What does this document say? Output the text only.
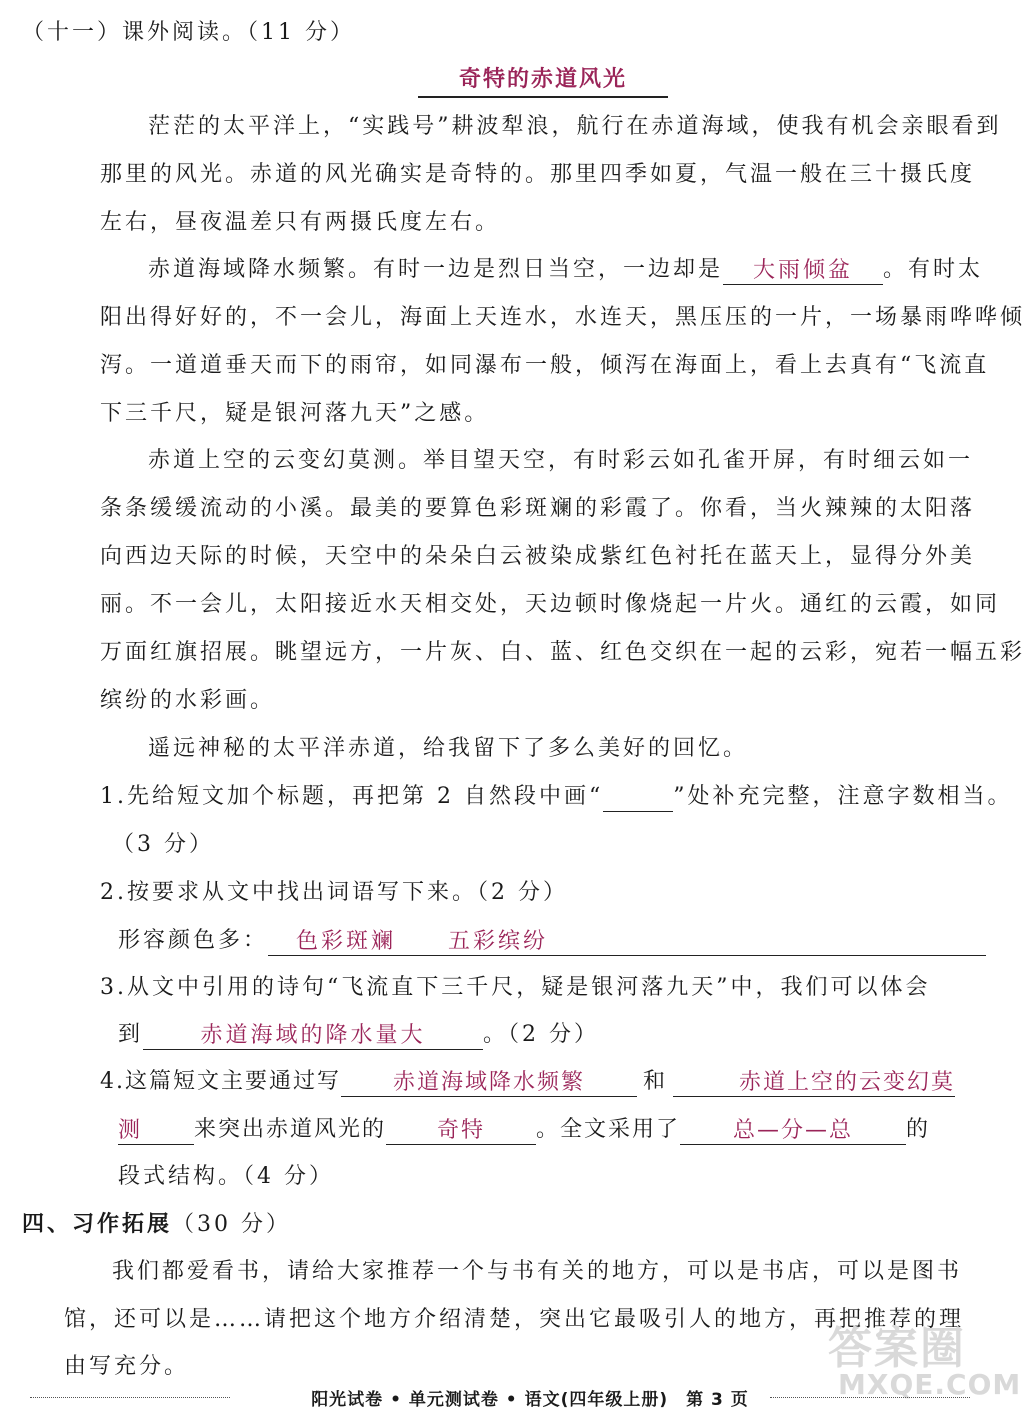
（十一）课外阅读。（11 分）
奇特的赤道风光
茫茫的太平洋上，“实践号”耕波犁浪，航行在赤道海域，使我有机会亲眼看到
那里的风光。赤道的风光确实是奇特的。那里四季如夏，气温一般在三十摄氏度
左右，昼夜温差只有两摄氏度左右。
赤道海域降水频繁。有时一边是烈日当空，一边却是 大雨倾盆 。有时太
阳出得好好的，不一会儿，海面上天连水，水连天，黑压压的一片，一场暴雨哗哗倾
泻。一道道垂天而下的雨帘，如同瀑布一般，倾泻在海面上，看上去真有“飞流直
下三千尺，疑是银河落九天”之感。
赤道上空的云变幻莫测。举目望天空，有时彩云如孔雀开屏，有时细云如一
条条缓缓流动的小溪。最美的要算色彩斑斓的彩霞了。你看，当火辣辣的太阳落
向西边天际的时候，天空中的朵朵白云被染成紫红色衬托在蓝天上，显得分外美
丽。不一会儿，太阳接近水天相交处，天边顿时像烧起一片火。通红的云霞，如同
万面红旗招展。眺望远方，一片灰、白、蓝、红色交织在一起的云彩，宛若一幅五彩
缤纷的水彩画。
遥远神秘的太平洋赤道，给我留下了多么美好的回忆。
1.先给短文加个标题，再把第 2 自然段中画“	”处补充完整，注意字数相当。
（3 分）
2.按要求从文中找出词语写下来。（2 分）
形容颜色多： 色彩斑斓 五彩缤纷
3.从文中引用的诗句“飞流直下三千尺，疑是银河落九天”中，我们可以体会
到	赤道海域的降水量大	。（2 分）
4.这篇短文主要通过写 赤道海域降水频繁	和	赤道上空的云变幻莫
测 来突出赤道风光的 奇特 。全文采用了 总—分—总 的
段式结构。（4 分）
四、习作拓展（30 分）
我们都爱看书，请给大家推荐一个与书有关的地方，可以是书店，可以是图书
馆，还可以是……请把这个地方介绍清楚，突出它最吸引人的地方，再把推荐的理
由写充分。	答案圈
MXQE.COM
阳光试卷 • 单元测试卷 • 语文(四年级上册)　第 3 页
